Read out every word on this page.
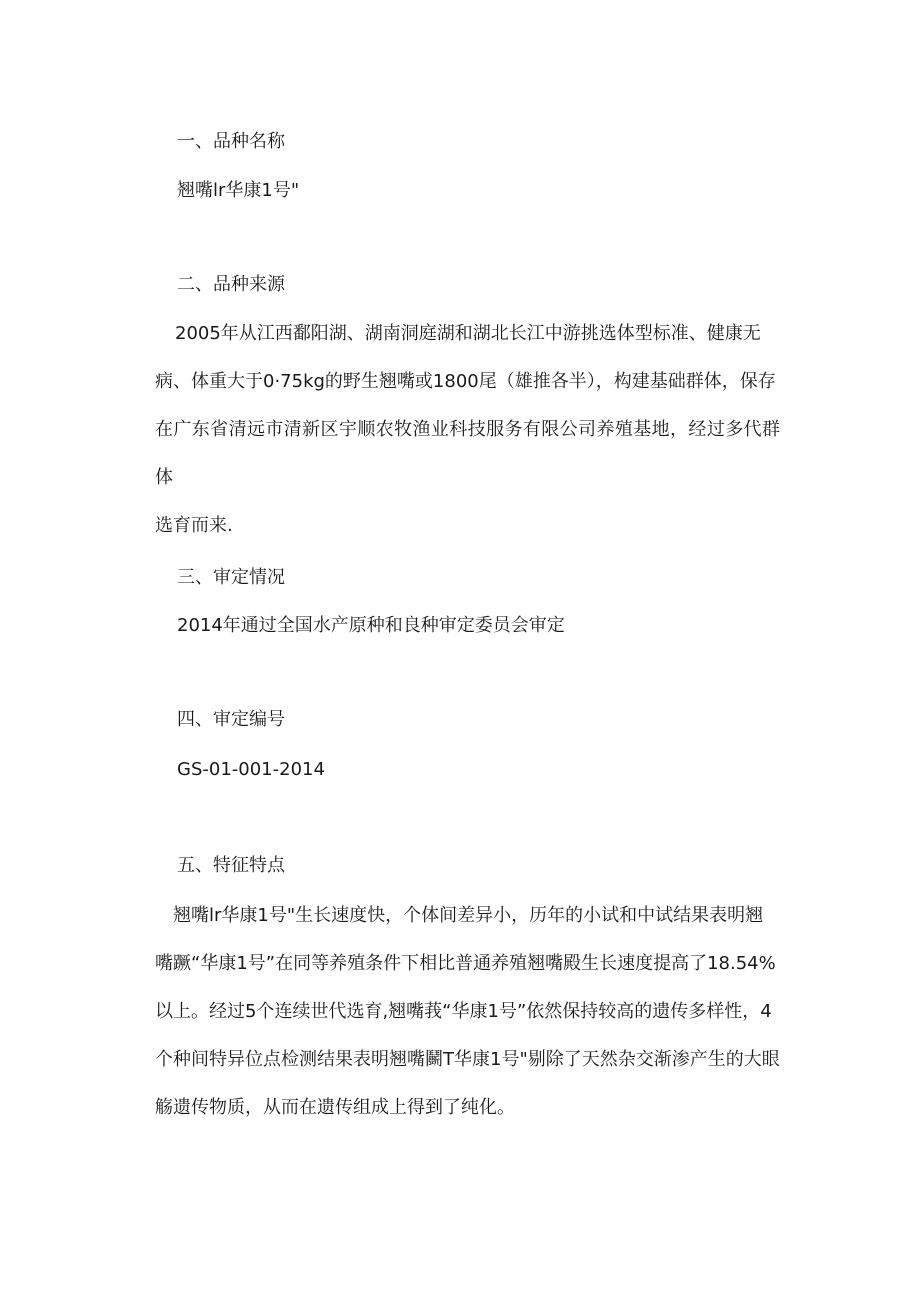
一、品种名称

翘嘴lr华康1号"

二、品种来源

　2005年从江西鄱阳湖、湖南洞庭湖和湖北长江中游挑选体型标准、健康无

病、体重大于0·75kg的野生翘嘴或1800尾（雄推各半），构建基础群体，保存

在广东省清远市清新区宇顺农牧渔业科技服务有限公司养殖基地，经过多代群体

选育而来.

三、审定情况

2014年通过全国水产原种和良种审定委员会审定

四、审定编号

GS-01-001-2014

五、特征特点

　翘嘴lr华康1号"生长速度快，个体间差异小，历年的小试和中试结果表明翘

嘴蹶“华康1号”在同等养殖条件下相比普通养殖翘嘴殿生长速度提高了18.54%

以上。经过5个连续世代选育,翘嘴莪“华康1号”依然保持较高的遗传多样性，4

个种间特异位点检测结果表明翘嘴鬭T华康1号"剔除了天然杂交渐渗产生的大眼

觞遗传物质，从而在遗传组成上得到了纯化。
